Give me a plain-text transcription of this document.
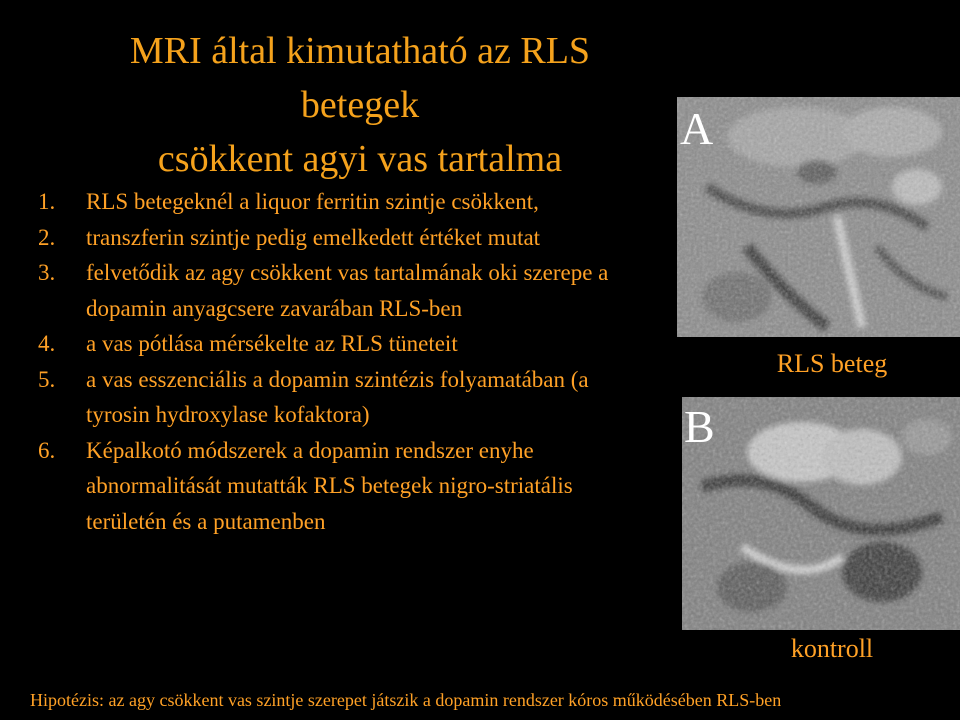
MRI által kimutatható az RLS
betegek
csökkent agyi vas tartalma
1.	RLS betegeknél a liquor ferritin szintje csökkent,
2.	transzferin szintje pedig emelkedett értéket mutat
3.	felvetődik az agy csökkent vas tartalmának oki szerepe a dopamin anyagcsere zavarában RLS-ben
4.	a vas pótlása mérsékelte az RLS tüneteit
5.	a vas esszenciális a dopamin szintézis folyamatában (a tyrosin hydroxylase kofaktora)
6.	Képalkotó módszerek a dopamin rendszer enyhe abnormalitását mutatták RLS betegek nigro-striatális területén és a putamenben
A
B
RLS beteg
kontroll
Hipotézis: az agy csökkent vas szintje szerepet játszik a dopamin rendszer kóros működésében RLS-ben
